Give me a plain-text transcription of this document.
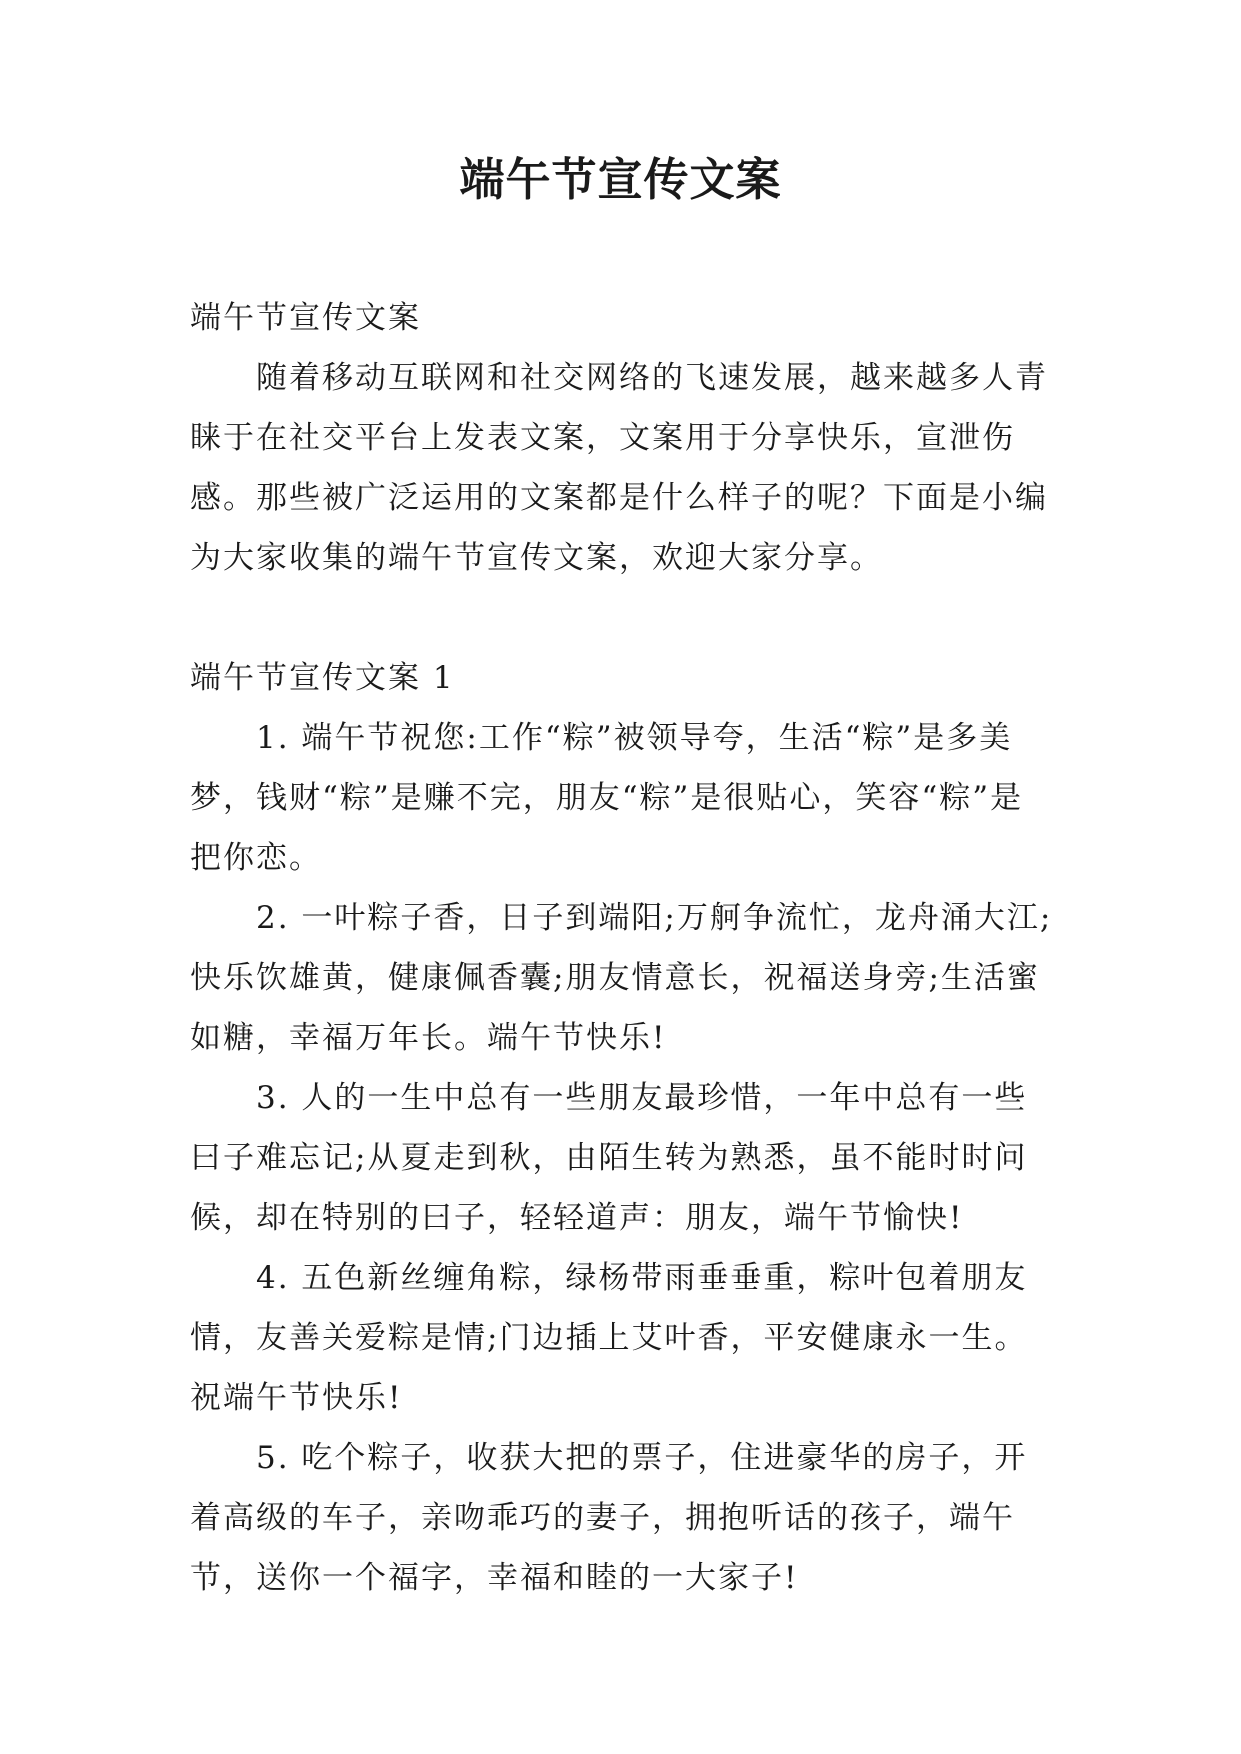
端午节宣传文案

端午节宣传文案

随着移动互联网和社交网络的飞速发展，越来越多人青睐于在社交平台上发表文案，文案用于分享快乐，宣泄伤感。那些被广泛运用的文案都是什么样子的呢？下面是小编为大家收集的端午节宣传文案，欢迎大家分享。

端午节宣传文案 1

1. 端午节祝您:工作“粽”被领导夸，生活“粽”是多美梦，钱财“粽”是赚不完，朋友“粽”是很贴心，笑容“粽”是把你恋。

2. 一叶粽子香，日子到端阳;万舸争流忙，龙舟涌大江;快乐饮雄黄，健康佩香囊;朋友情意长，祝福送身旁;生活蜜如糖，幸福万年长。端午节快乐!

3. 人的一生中总有一些朋友最珍惜，一年中总有一些曰子难忘记;从夏走到秋，由陌生转为熟悉，虽不能时时问候，却在特别的曰子，轻轻道声：朋友，端午节愉快!

4. 五色新丝缠角粽，绿杨带雨垂垂重，粽叶包着朋友情，友善关爱粽是情;门边插上艾叶香，平安健康永一生。祝端午节快乐!

5. 吃个粽子，收获大把的票子，住进豪华的房子，开着高级的车子，亲吻乖巧的妻子，拥抱听话的孩子，端午节，送你一个福字，幸福和睦的一大家子!
